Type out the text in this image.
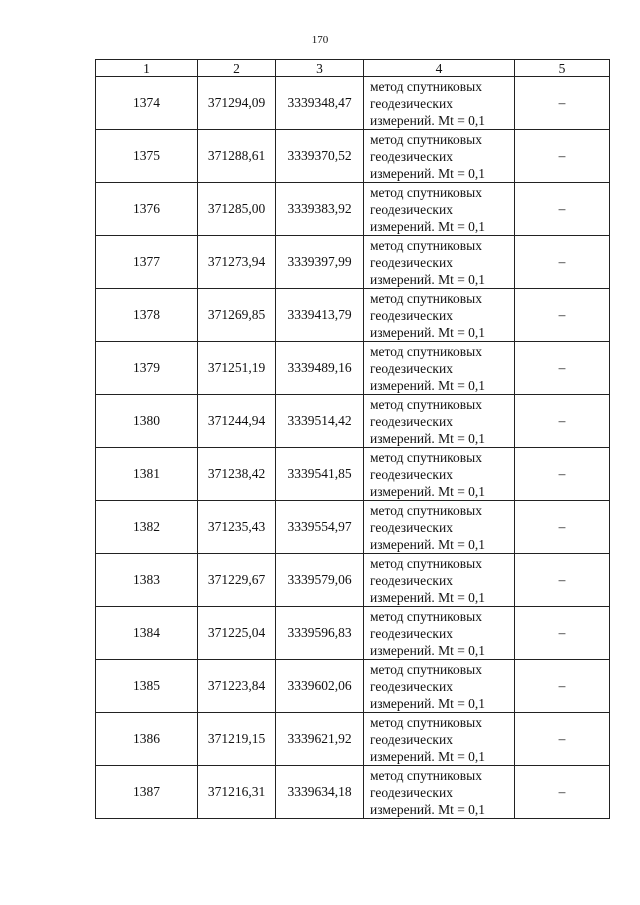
170
1	2	3	4	5
1374	371294,09	3339348,47	метод спутниковых
геодезических
измерений. Mt = 0,1	–
1375	371288,61	3339370,52	метод спутниковых
геодезических
измерений. Mt = 0,1	–
1376	371285,00	3339383,92	метод спутниковых
геодезических
измерений. Mt = 0,1	–
1377	371273,94	3339397,99	метод спутниковых
геодезических
измерений. Mt = 0,1	–
1378	371269,85	3339413,79	метод спутниковых
геодезических
измерений. Mt = 0,1	–
1379	371251,19	3339489,16	метод спутниковых
геодезических
измерений. Mt = 0,1	–
1380	371244,94	3339514,42	метод спутниковых
геодезических
измерений. Mt = 0,1	–
1381	371238,42	3339541,85	метод спутниковых
геодезических
измерений. Mt = 0,1	–
1382	371235,43	3339554,97	метод спутниковых
геодезических
измерений. Mt = 0,1	–
1383	371229,67	3339579,06	метод спутниковых
геодезических
измерений. Mt = 0,1	–
1384	371225,04	3339596,83	метод спутниковых
геодезических
измерений. Mt = 0,1	–
1385	371223,84	3339602,06	метод спутниковых
геодезических
измерений. Mt = 0,1	–
1386	371219,15	3339621,92	метод спутниковых
геодезических
измерений. Mt = 0,1	–
1387	371216,31	3339634,18	метод спутниковых
геодезических
измерений. Mt = 0,1	–
